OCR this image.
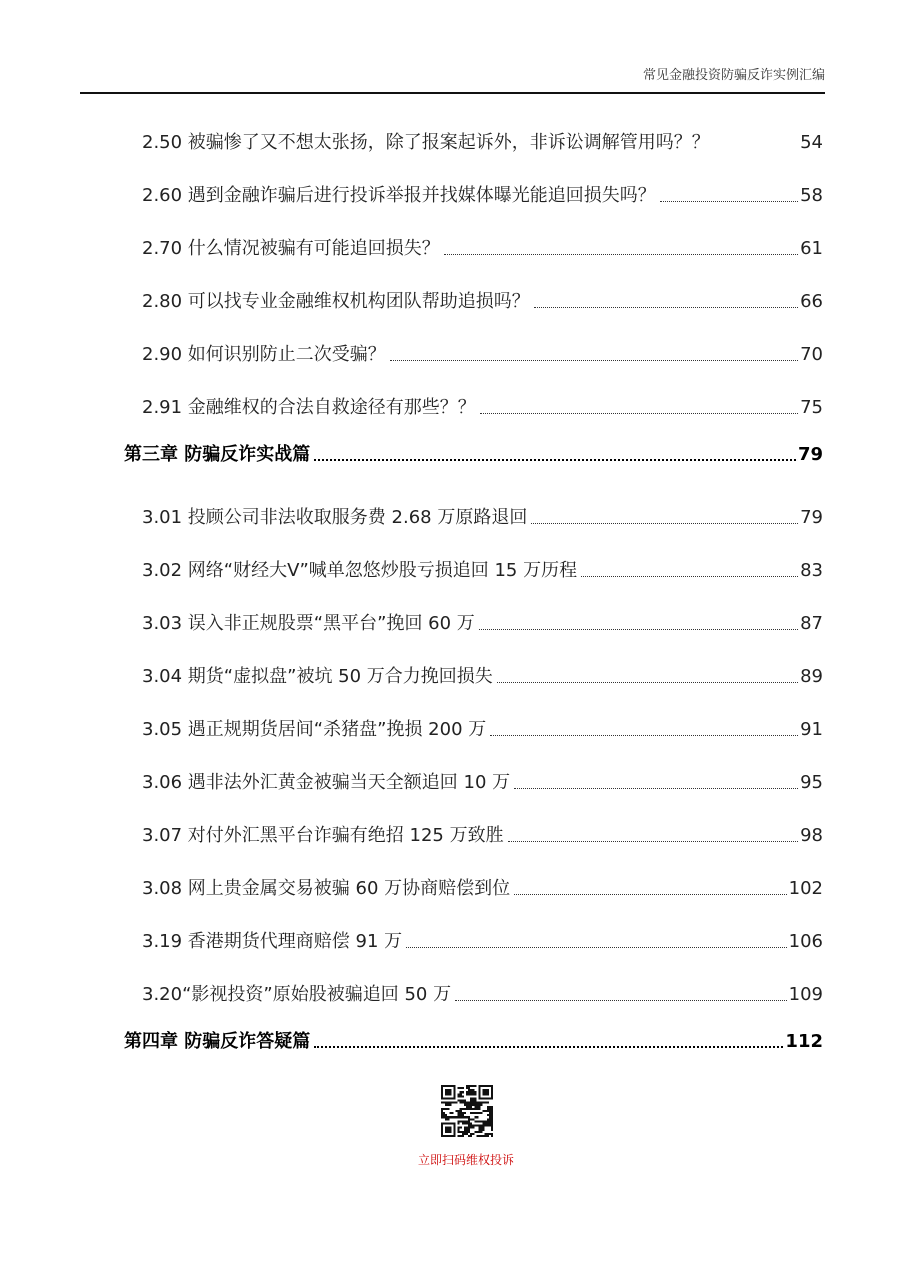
常见金融投资防骗反诈实例汇编
2.50 被骗惨了又不想太张扬，除了报案起诉外，非诉讼调解管用吗？？	54
2.60 遇到金融诈骗后进行投诉举报并找媒体曝光能追回损失吗？	58
2.70 什么情况被骗有可能追回损失？	61
2.80 可以找专业金融维权机构团队帮助追损吗？	66
2.90 如何识别防止二次受骗？	70
2.91 金融维权的合法自救途径有那些？？	75
第三章 防骗反诈实战篇	79
3.01 投顾公司非法收取服务费 2.68 万原路退回	79
3.02 网络“财经大V”喊单忽悠炒股亏损追回 15 万历程	83
3.03 误入非正规股票“黑平台”挽回 60 万	87
3.04 期货“虚拟盘”被坑 50 万合力挽回损失	89
3.05 遇正规期货居间“杀猪盘”挽损 200 万	91
3.06 遇非法外汇黄金被骗当天全额追回 10 万	95
3.07 对付外汇黑平台诈骗有绝招 125 万致胜	98
3.08 网上贵金属交易被骗 60 万协商赔偿到位	102
3.19 香港期货代理商赔偿 91 万	106
3.20“影视投资”原始股被骗追回 50 万	109
第四章 防骗反诈答疑篇	112
立即扫码维权投诉
